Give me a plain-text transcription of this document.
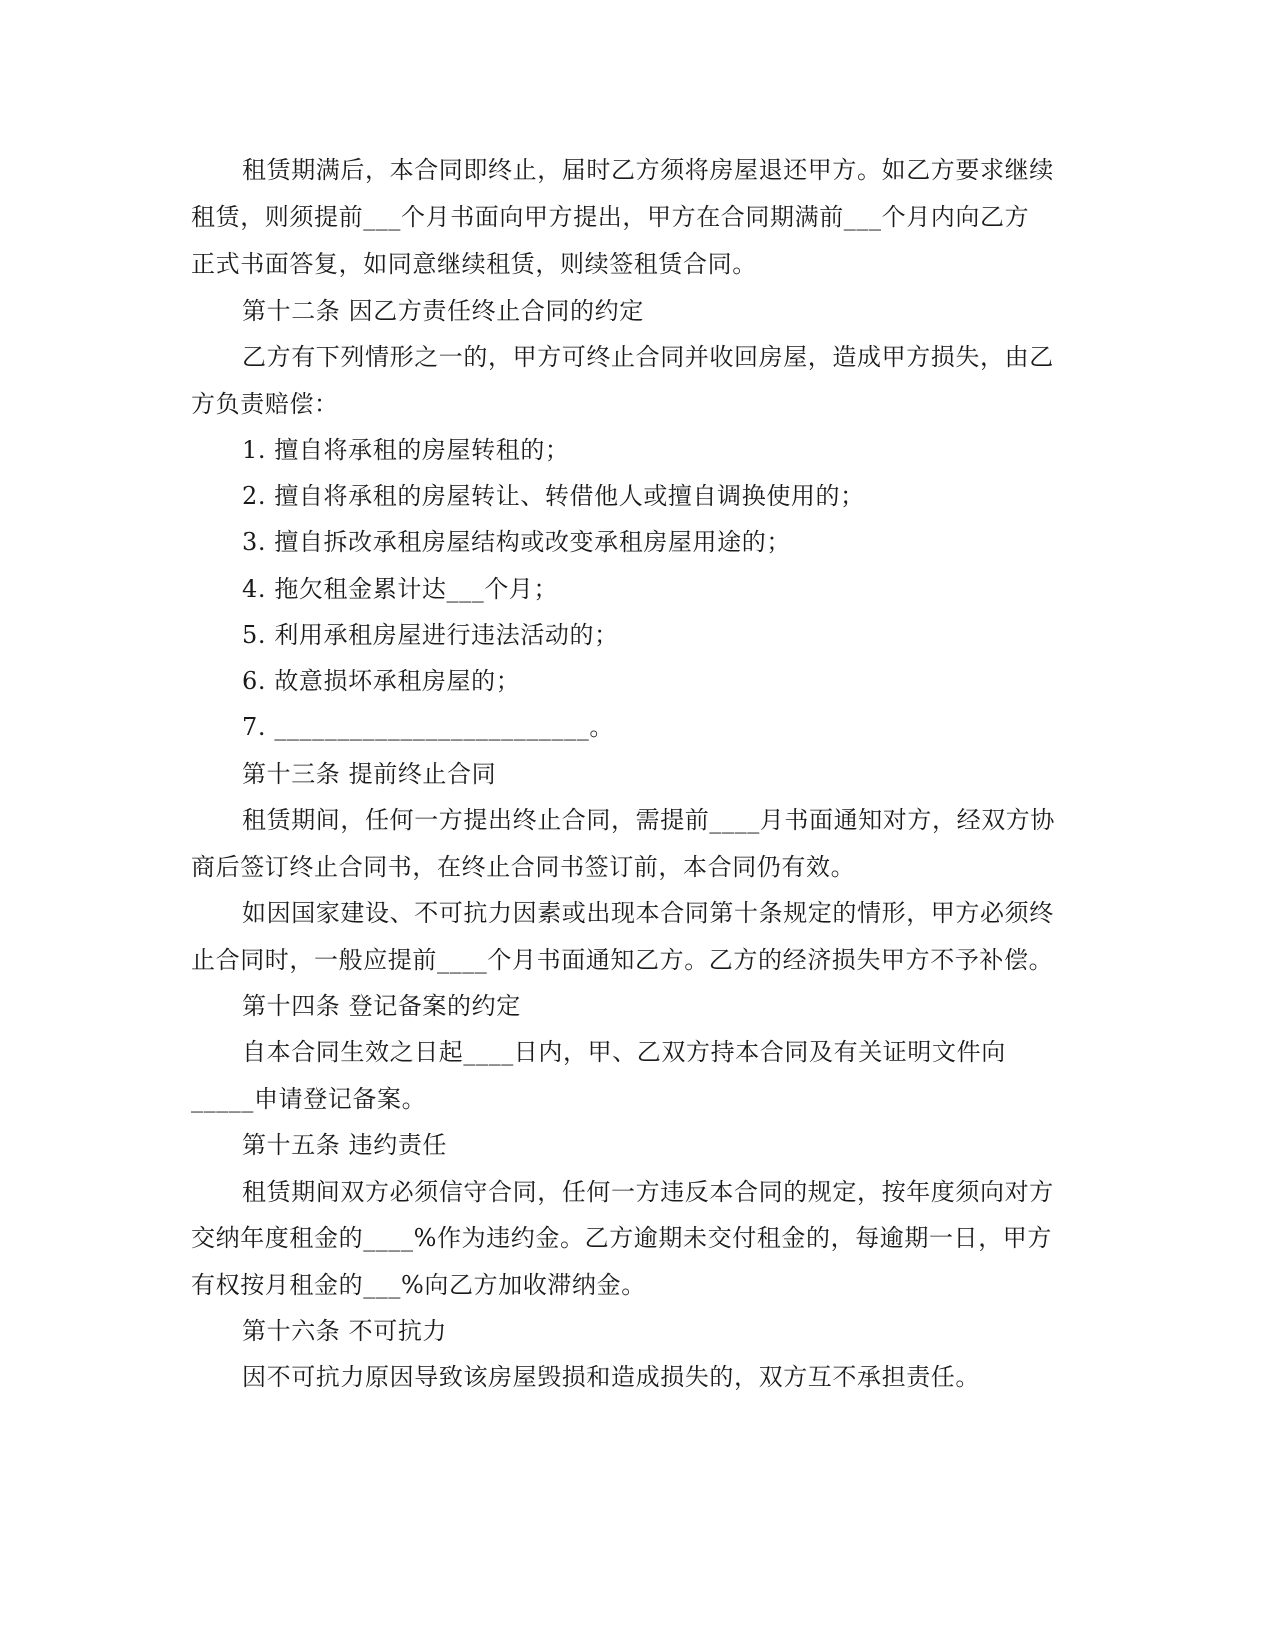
租赁期满后，本合同即终止，届时乙方须将房屋退还甲方。如乙方要求继续
租赁，则须提前___个月书面向甲方提出，甲方在合同期满前___个月内向乙方
正式书面答复，如同意继续租赁，则续签租赁合同。
第十二条 因乙方责任终止合同的约定
乙方有下列情形之一的，甲方可终止合同并收回房屋，造成甲方损失，由乙
方负责赔偿：
1. 擅自将承租的房屋转租的；
2. 擅自将承租的房屋转让、转借他人或擅自调换使用的；
3. 擅自拆改承租房屋结构或改变承租房屋用途的；
4. 拖欠租金累计达___个月；
5. 利用承租房屋进行违法活动的；
6. 故意损坏承租房屋的；
7. _________________________。
第十三条 提前终止合同
租赁期间，任何一方提出终止合同，需提前____月书面通知对方，经双方协
商后签订终止合同书，在终止合同书签订前，本合同仍有效。
如因国家建设、不可抗力因素或出现本合同第十条规定的情形，甲方必须终
止合同时，一般应提前____个月书面通知乙方。乙方的经济损失甲方不予补偿。
第十四条 登记备案的约定
自本合同生效之日起____日内，甲、乙双方持本合同及有关证明文件向
_____申请登记备案。
第十五条 违约责任
租赁期间双方必须信守合同，任何一方违反本合同的规定，按年度须向对方
交纳年度租金的____%作为违约金。乙方逾期未交付租金的，每逾期一日，甲方
有权按月租金的___%向乙方加收滞纳金。
第十六条 不可抗力
因不可抗力原因导致该房屋毁损和造成损失的，双方互不承担责任。
